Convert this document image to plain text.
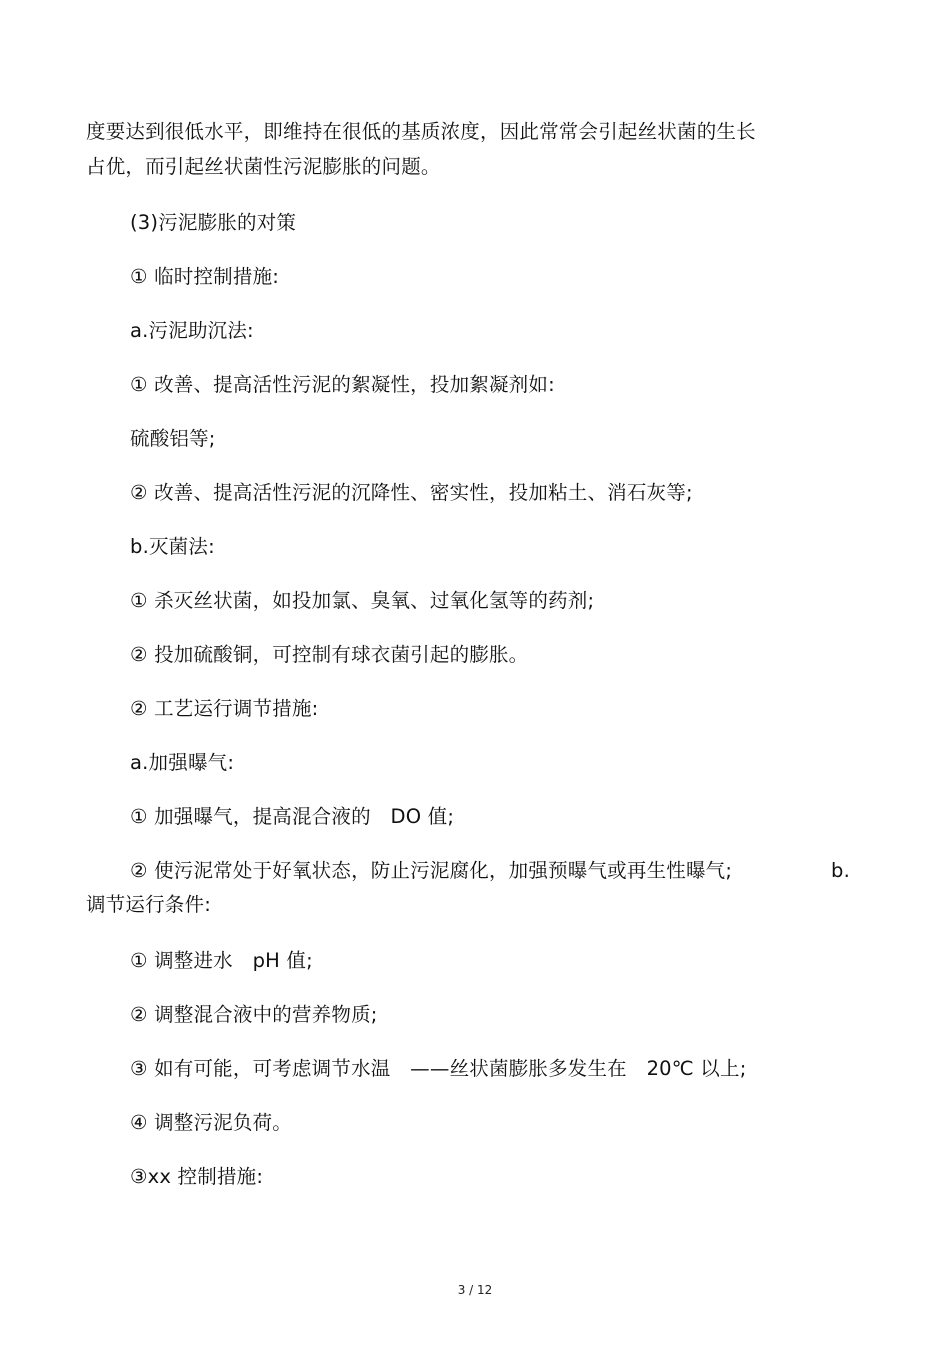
度要达到很低水平，即维持在很低的基质浓度，因此常常会引起丝状菌的生长
占优，而引起丝状菌性污泥膨胀的问题。
(3)污泥膨胀的对策
① 临时控制措施:
a.污泥助沉法:
① 改善、提高活性污泥的絮凝性，投加絮凝剂如:
硫酸铝等;
② 改善、提高活性污泥的沉降性、密实性，投加粘土、消石灰等;
b.灭菌法:
① 杀灭丝状菌，如投加氯、臭氧、过氧化氢等的药剂;
② 投加硫酸铜，可控制有球衣菌引起的膨胀。
② 工艺运行调节措施:
a.加强曝气:
① 加强曝气，提高混合液的　DO 值;
② 使污泥常处于好氧状态，防止污泥腐化，加强预曝气或再生性曝气;	b.
调节运行条件:
① 调整进水　pH 值;
② 调整混合液中的营养物质;
③ 如有可能，可考虑调节水温　——丝状菌膨胀多发生在　20℃ 以上;
④ 调整污泥负荷。
③xx 控制措施:
3 / 12
